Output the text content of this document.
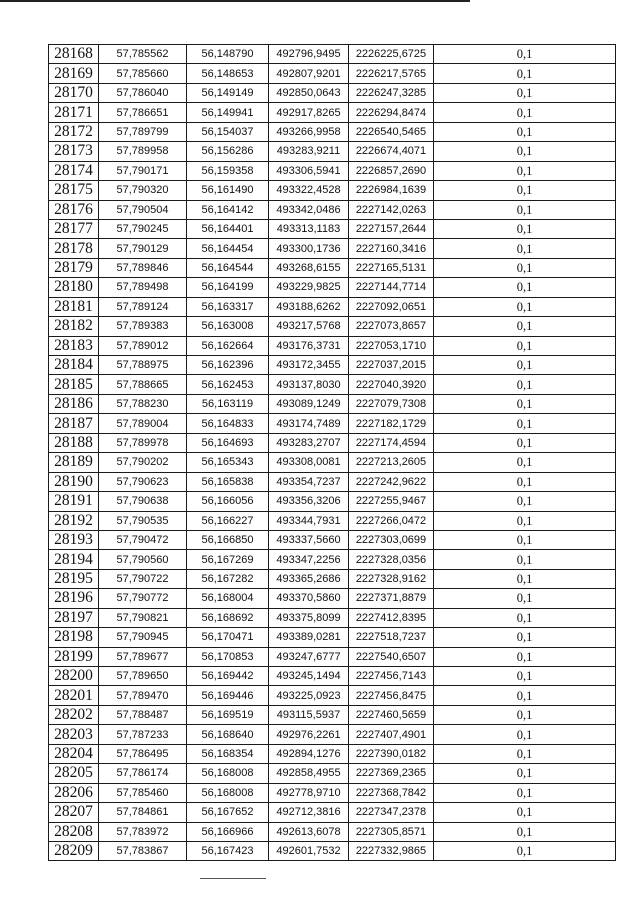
28168	57,785562	56,148790	492796,9495	2226225,6725	0,1
28169	57,785660	56,148653	492807,9201	2226217,5765	0,1
28170	57,786040	56,149149	492850,0643	2226247,3285	0,1
28171	57,786651	56,149941	492917,8265	2226294,8474	0,1
28172	57,789799	56,154037	493266,9958	2226540,5465	0,1
28173	57,789958	56,156286	493283,9211	2226674,4071	0,1
28174	57,790171	56,159358	493306,5941	2226857,2690	0,1
28175	57,790320	56,161490	493322,4528	2226984,1639	0,1
28176	57,790504	56,164142	493342,0486	2227142,0263	0,1
28177	57,790245	56,164401	493313,1183	2227157,2644	0,1
28178	57,790129	56,164454	493300,1736	2227160,3416	0,1
28179	57,789846	56,164544	493268,6155	2227165,5131	0,1
28180	57,789498	56,164199	493229,9825	2227144,7714	0,1
28181	57,789124	56,163317	493188,6262	2227092,0651	0,1
28182	57,789383	56,163008	493217,5768	2227073,8657	0,1
28183	57,789012	56,162664	493176,3731	2227053,1710	0,1
28184	57,788975	56,162396	493172,3455	2227037,2015	0,1
28185	57,788665	56,162453	493137,8030	2227040,3920	0,1
28186	57,788230	56,163119	493089,1249	2227079,7308	0,1
28187	57,789004	56,164833	493174,7489	2227182,1729	0,1
28188	57,789978	56,164693	493283,2707	2227174,4594	0,1
28189	57,790202	56,165343	493308,0081	2227213,2605	0,1
28190	57,790623	56,165838	493354,7237	2227242,9622	0,1
28191	57,790638	56,166056	493356,3206	2227255,9467	0,1
28192	57,790535	56,166227	493344,7931	2227266,0472	0,1
28193	57,790472	56,166850	493337,5660	2227303,0699	0,1
28194	57,790560	56,167269	493347,2256	2227328,0356	0,1
28195	57,790722	56,167282	493365,2686	2227328,9162	0,1
28196	57,790772	56,168004	493370,5860	2227371,8879	0,1
28197	57,790821	56,168692	493375,8099	2227412,8395	0,1
28198	57,790945	56,170471	493389,0281	2227518,7237	0,1
28199	57,789677	56,170853	493247,6777	2227540,6507	0,1
28200	57,789650	56,169442	493245,1494	2227456,7143	0,1
28201	57,789470	56,169446	493225,0923	2227456,8475	0,1
28202	57,788487	56,169519	493115,5937	2227460,5659	0,1
28203	57,787233	56,168640	492976,2261	2227407,4901	0,1
28204	57,786495	56,168354	492894,1276	2227390,0182	0,1
28205	57,786174	56,168008	492858,4955	2227369,2365	0,1
28206	57,785460	56,168008	492778,9710	2227368,7842	0,1
28207	57,784861	56,167652	492712,3816	2227347,2378	0,1
28208	57,783972	56,166966	492613,6078	2227305,8571	0,1
28209	57,783867	56,167423	492601,7532	2227332,9865	0,1
